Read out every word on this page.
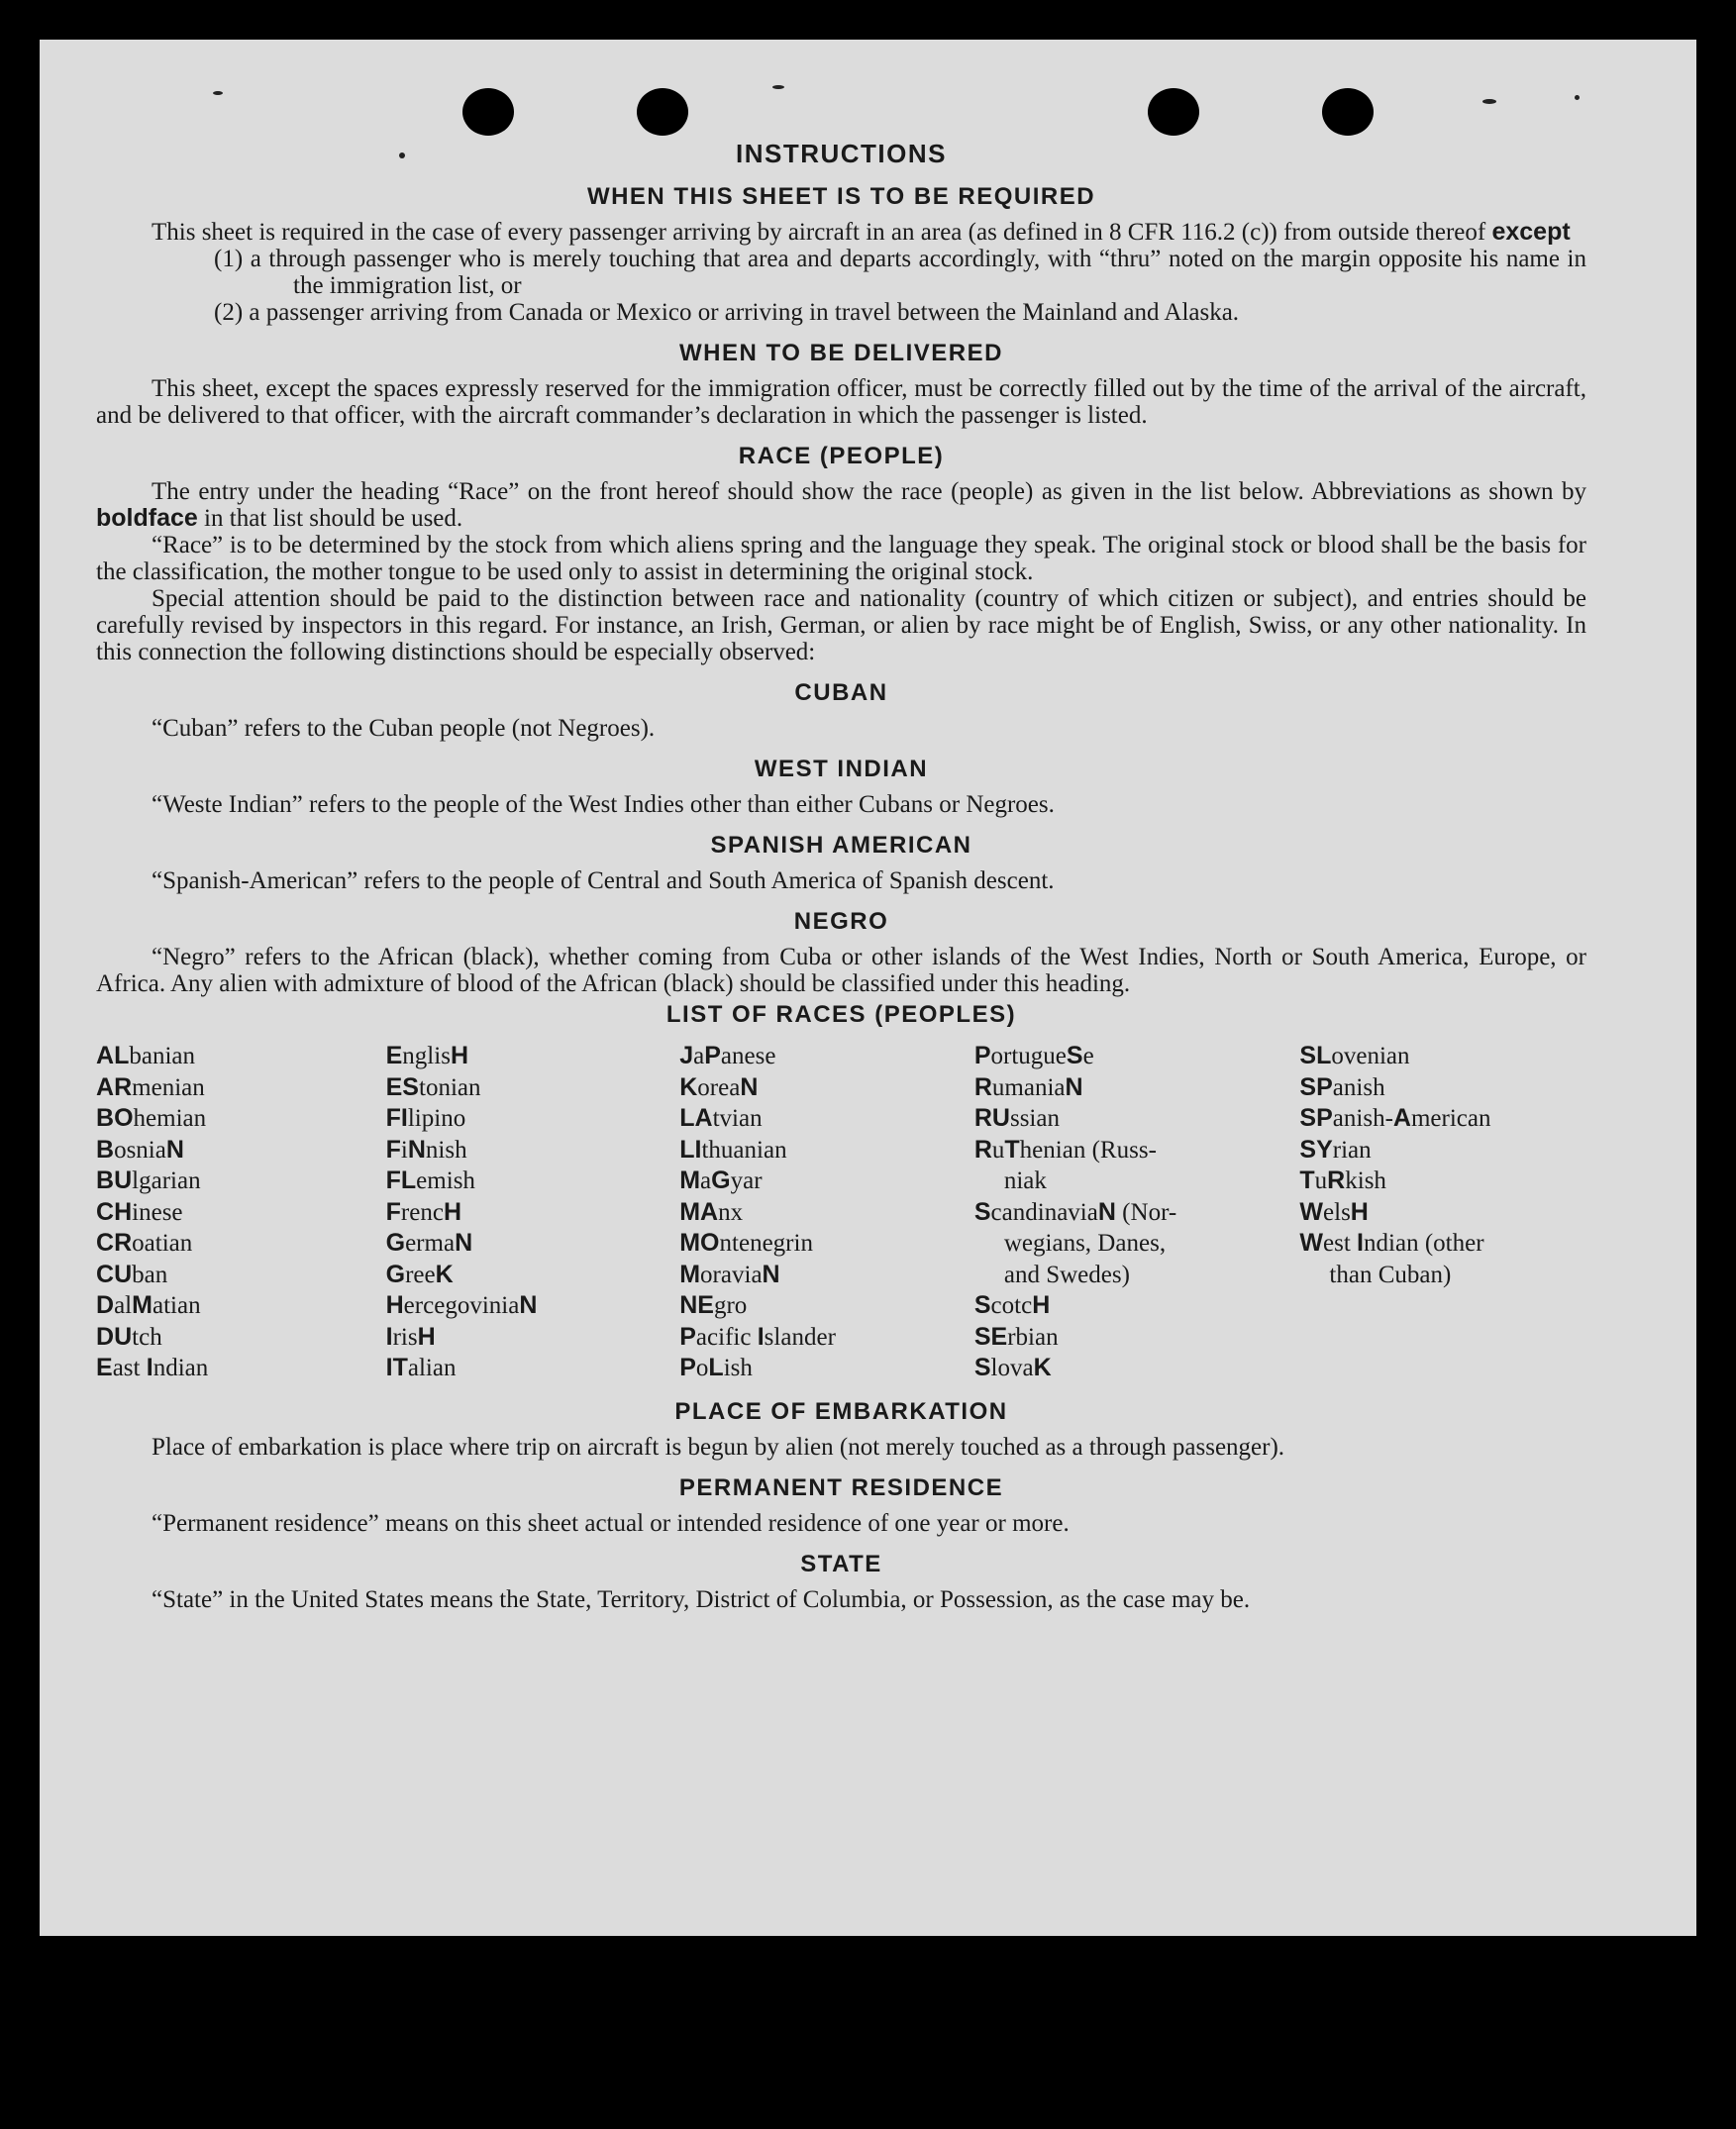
INSTRUCTIONS
WHEN THIS SHEET IS TO BE REQUIRED

This sheet is required in the case of every passenger arriving by aircraft in an area (as defined in 8 CFR 116.2 (c)) from outside thereof except

(1) a through passenger who is merely touching that area and departs accordingly, with “thru” noted on the margin opposite his name in the immigration list, or
(2) a passenger arriving from Canada or Mexico or arriving in travel between the Mainland and Alaska.
WHEN TO BE DELIVERED

This sheet, except the spaces expressly reserved for the immigration officer, must be correctly filled out by the time of the arrival of the aircraft, and be delivered to that officer, with the aircraft commander’s declaration in which the passenger is listed.

RACE (PEOPLE)

The entry under the heading “Race” on the front hereof should show the race (people) as given in the list below. Abbreviations as shown by boldface in that list should be used.

“Race” is to be determined by the stock from which aliens spring and the language they speak. The original stock or blood shall be the basis for the classification, the mother tongue to be used only to assist in determining the original stock.

Special attention should be paid to the distinction between race and nationality (country of which citizen or subject), and entries should be carefully revised by inspectors in this regard. For instance, an Irish, German, or alien by race might be of English, Swiss, or any other nationality. In this connection the following distinctions should be especially observed:

CUBAN

“Cuban” refers to the Cuban people (not Negroes).

WEST INDIAN

“Weste Indian” refers to the people of the West Indies other than either Cubans or Negroes.

SPANISH AMERICAN

“Spanish-American” refers to the people of Central and South America of Spanish descent.

NEGRO

“Negro” refers to the African (black), whether coming from Cuba or other islands of the West Indies, North or South America, Europe, or Africa. Any alien with admixture of blood of the African (black) should be classified under this heading.

LIST OF RACES (PEOPLES)
ALbanian
ARmenian
BOhemian
BosniaN
BUlgarian
CHinese
CRoatian
CUban
DalMatian
DUtch
East Indian
EnglisH
EStonian
FIlipino
FiNnish
FLemish
FrencH
GermaN
GreeK
HercegoviniaN
IrisH
ITalian
JaPanese
KoreaN
LAtvian
LIthuanian
MaGyar
MAnx
MOntenegrin
MoraviaN
NEgro
Pacific Islander
PoLish
PortugueSe
RumaniaN
RUssian
RuThenian (Russ-
niak
ScandinaviaN (Nor-
wegians, Danes,
and Swedes)
ScotcH
SErbian
SlovaK
SLovenian
SPanish
SPanish-American
SYrian
TuRkish
WelsH
West Indian (other
than Cuban)
PLACE OF EMBARKATION

Place of embarkation is place where trip on aircraft is begun by alien (not merely touched as a through passenger).

PERMANENT RESIDENCE

“Permanent residence” means on this sheet actual or intended residence of one year or more.

STATE

“State” in the United States means the State, Territory, District of Columbia, or Possession, as the case may be.
